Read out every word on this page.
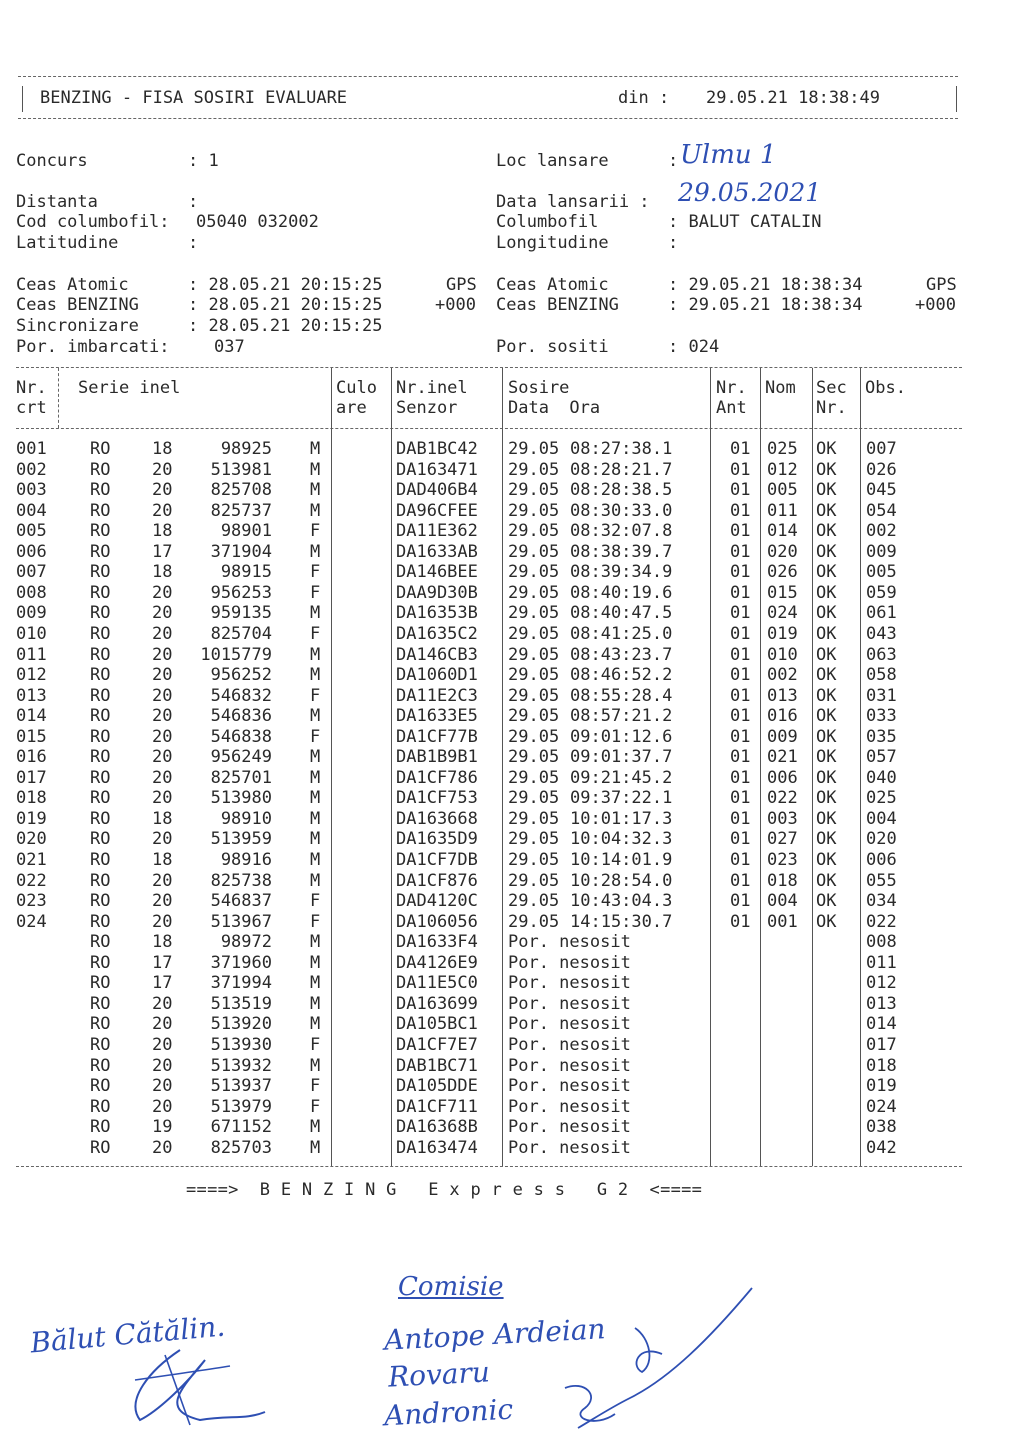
BENZING - FISA SOSIRI EVALUARE	din : 29.05.21 18:38:49
Concurs	: 1	Loc lansare	: Ulmu 1
Distanta	:	Data lansarii : 29.05.2021
Cod columbofil: 05040 032002	Columbofil	: BALUT CATALIN
Latitudine	:	Longitudine	:
Ceas Atomic	: 28.05.21 20:15:25	GPS
Ceas BENZING	: 28.05.21 20:15:25	+000
Sincronizare	: 28.05.21 20:15:25
Por. imbarcati:	037
Ceas Atomic	: 29.05.21 18:38:34	GPS
Ceas BENZING	: 29.05.21 18:38:34	+000
Por. sositi	: 024
Nr.
crt
Serie inel	Culo
are
Nr.inel
Senzor
Sosire
Data  Ora
Nr.
Ant
Nom Sec
Nr.
Obs.
001	RO 18	98925 M	DAB1BC42 29.05 08:27:38.1	01 025 OK 007
002	RO 20	513981 M	DA163471 29.05 08:28:21.7	01 012 OK 026
003	RO 20	825708 M	DAD406B4 29.05 08:28:38.5	01 005 OK 045
004	RO 20	825737 M	DA96CFEE 29.05 08:30:33.0	01 011 OK 054
005	RO 18	98901 F	DA11E362 29.05 08:32:07.8	01 014 OK 002
006	RO 17	371904 M	DA1633AB 29.05 08:38:39.7	01 020 OK 009
007	RO 18	98915 F	DA146BEE 29.05 08:39:34.9	01 026 OK 005
008	RO 20	956253 F	DAA9D30B 29.05 08:40:19.6	01 015 OK 059
009	RO 20	959135 M	DA16353B 29.05 08:40:47.5	01 024 OK 061
010	RO 20	825704 F	DA1635C2 29.05 08:41:25.0	01 019 OK 043
011	RO 20	1015779 M	DA146CB3 29.05 08:43:23.7	01 010 OK 063
012	RO 20	956252 M	DA1060D1 29.05 08:46:52.2	01 002 OK 058
013	RO 20	546832 F	DA11E2C3 29.05 08:55:28.4	01 013 OK 031
014	RO 20	546836 M	DA1633E5 29.05 08:57:21.2	01 016 OK 033
015	RO 20	546838 F	DA1CF77B 29.05 09:01:12.6	01 009 OK 035
016	RO 20	956249 M	DAB1B9B1 29.05 09:01:37.7	01 021 OK 057
017	RO 20	825701 M	DA1CF786 29.05 09:21:45.2	01 006 OK 040
018	RO 20	513980 M	DA1CF753 29.05 09:37:22.1	01 022 OK 025
019	RO 18	98910 M	DA163668 29.05 10:01:17.3	01 003 OK 004
020	RO 20	513959 M	DA1635D9 29.05 10:04:32.3	01 027 OK 020
021	RO 18	98916 M	DA1CF7DB 29.05 10:14:01.9	01 023 OK 006
022	RO 20	825738 M	DA1CF876 29.05 10:28:54.0	01 018 OK 055
023	RO 20	546837 F	DAD4120C 29.05 10:43:04.3	01 004 OK 034
024	RO 20	513967 F	DA106056 29.05 14:15:30.7	01 001 OK 022
RO 18	98972 M	DA1633F4 Por. nesosit	008
RO 17	371960 M	DA4126E9 Por. nesosit	011
RO 17	371994 M	DA11E5C0 Por. nesosit	012
RO 20	513519 M	DA163699 Por. nesosit	013
RO 20	513920 M	DA105BC1 Por. nesosit	014
RO 20	513930 F	DA1CF7E7 Por. nesosit	017
RO 20	513932 M	DAB1BC71 Por. nesosit	018
RO 20	513937 F	DA105DDE Por. nesosit	019
RO 20	513979 F	DA1CF711 Por. nesosit	024
RO 19	671152 M	DA16368B Por. nesosit	038
RO 20	825703 M	DA163474 Por. nesosit	042
====>  B E N Z I N G   E x p r e s s   G 2  <====
Bălut Cătălin.
Comisie
Antope Ardeian
Rovaru
Andronic
